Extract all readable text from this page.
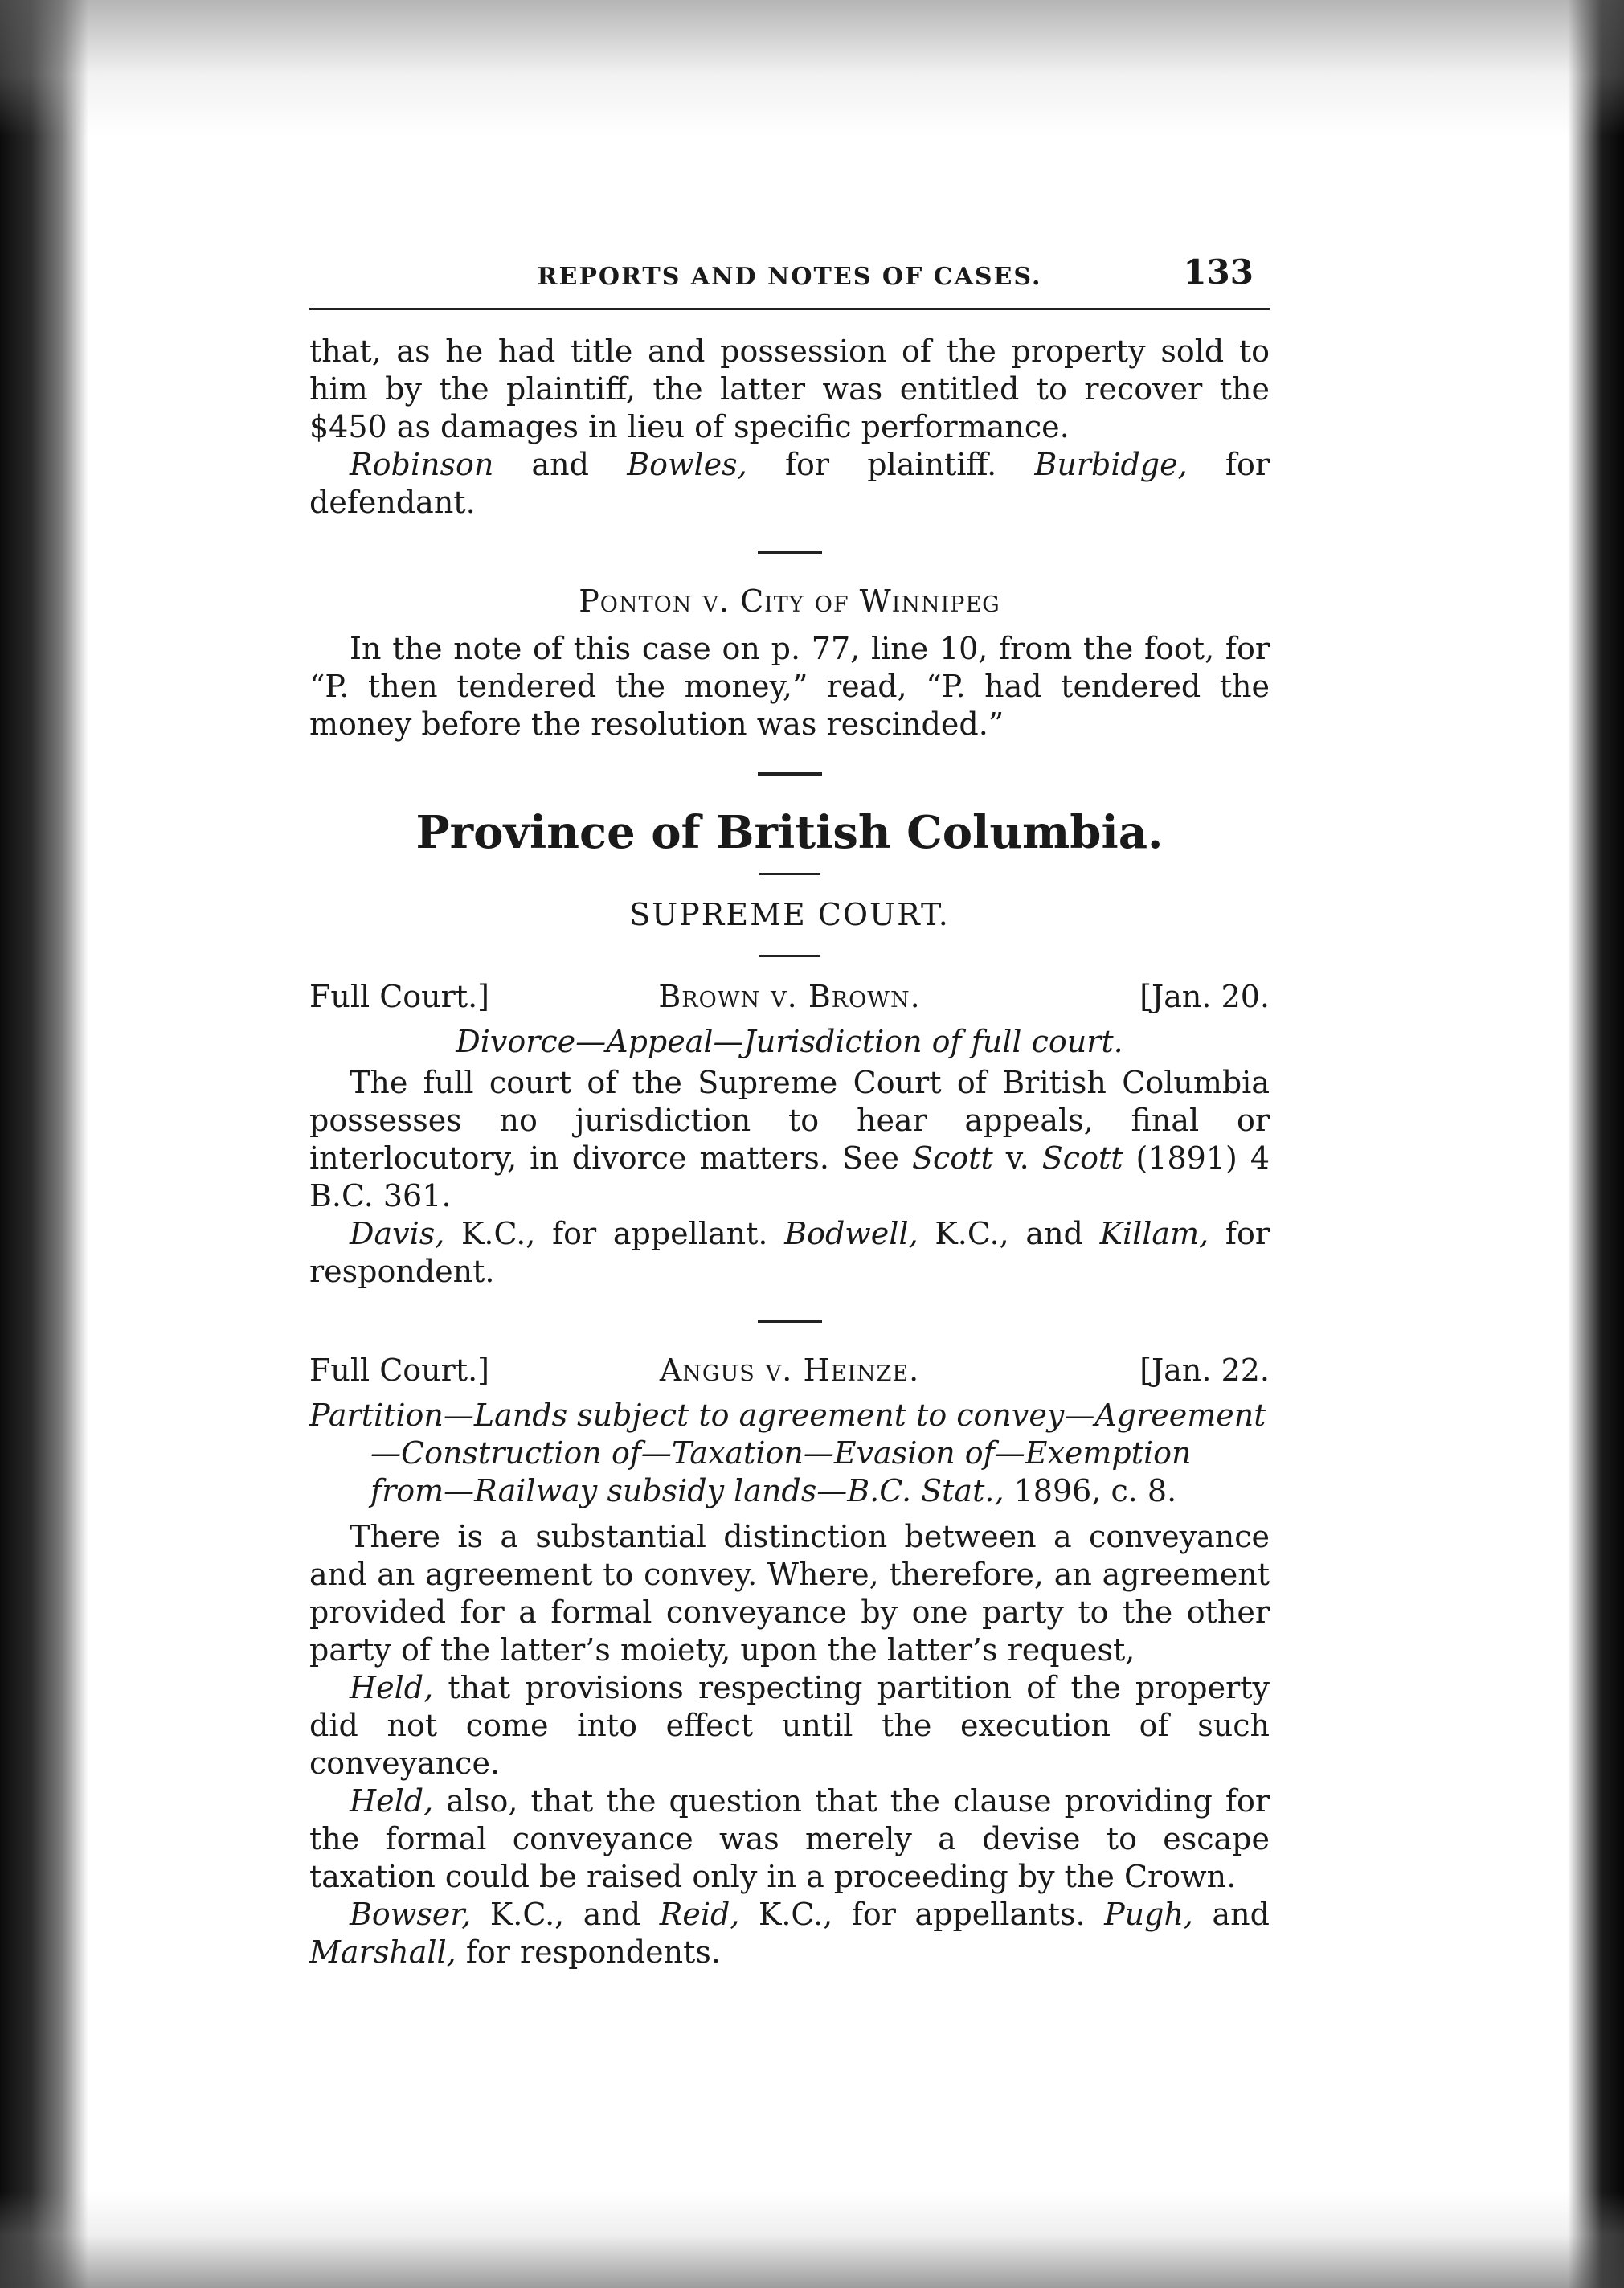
REPORTS AND NOTES OF CASES.	133

that, as he had title and possession of the property sold to him by the plaintiff, the latter was entitled to recover the $450 as damages in lieu of specific performance.

Robinson and Bowles, for plaintiff. Burbidge, for defendant.

Ponton v. City of Winnipeg

In the note of this case on p. 77, line 10, from the foot, for “P. then tendered the money,” read, “P. had tendered the money before the resolution was rescinded.”

Province of British Columbia.
SUPREME COURT.
Full Court.]	Brown v. Brown.	[Jan. 20.
Divorce—Appeal—Jurisdiction of full court.

The full court of the Supreme Court of British Columbia possesses no jurisdiction to hear appeals, final or interlocutory, in divorce matters. See Scott v. Scott (1891) 4 B.C. 361.

Davis, K.C., for appellant. Bodwell, K.C., and Killam, for respondent.

Full Court.]	Angus v. Heinze.	[Jan. 22.
Partition—Lands subject to agreement to convey—Agreement—Construction of—Taxation—Evasion of—Exemption from—Railway subsidy lands—B.C. Stat., 1896, c. 8.

There is a substantial distinction between a conveyance and an agreement to convey. Where, therefore, an agreement provided for a formal conveyance by one party to the other party of the latter’s moiety, upon the latter’s request,

Held, that provisions respecting partition of the property did not come into effect until the execution of such conveyance.

Held, also, that the question that the clause providing for the formal conveyance was merely a devise to escape taxation could be raised only in a proceeding by the Crown.

Bowser, K.C., and Reid, K.C., for appellants. Pugh, and Marshall, for respondents.
